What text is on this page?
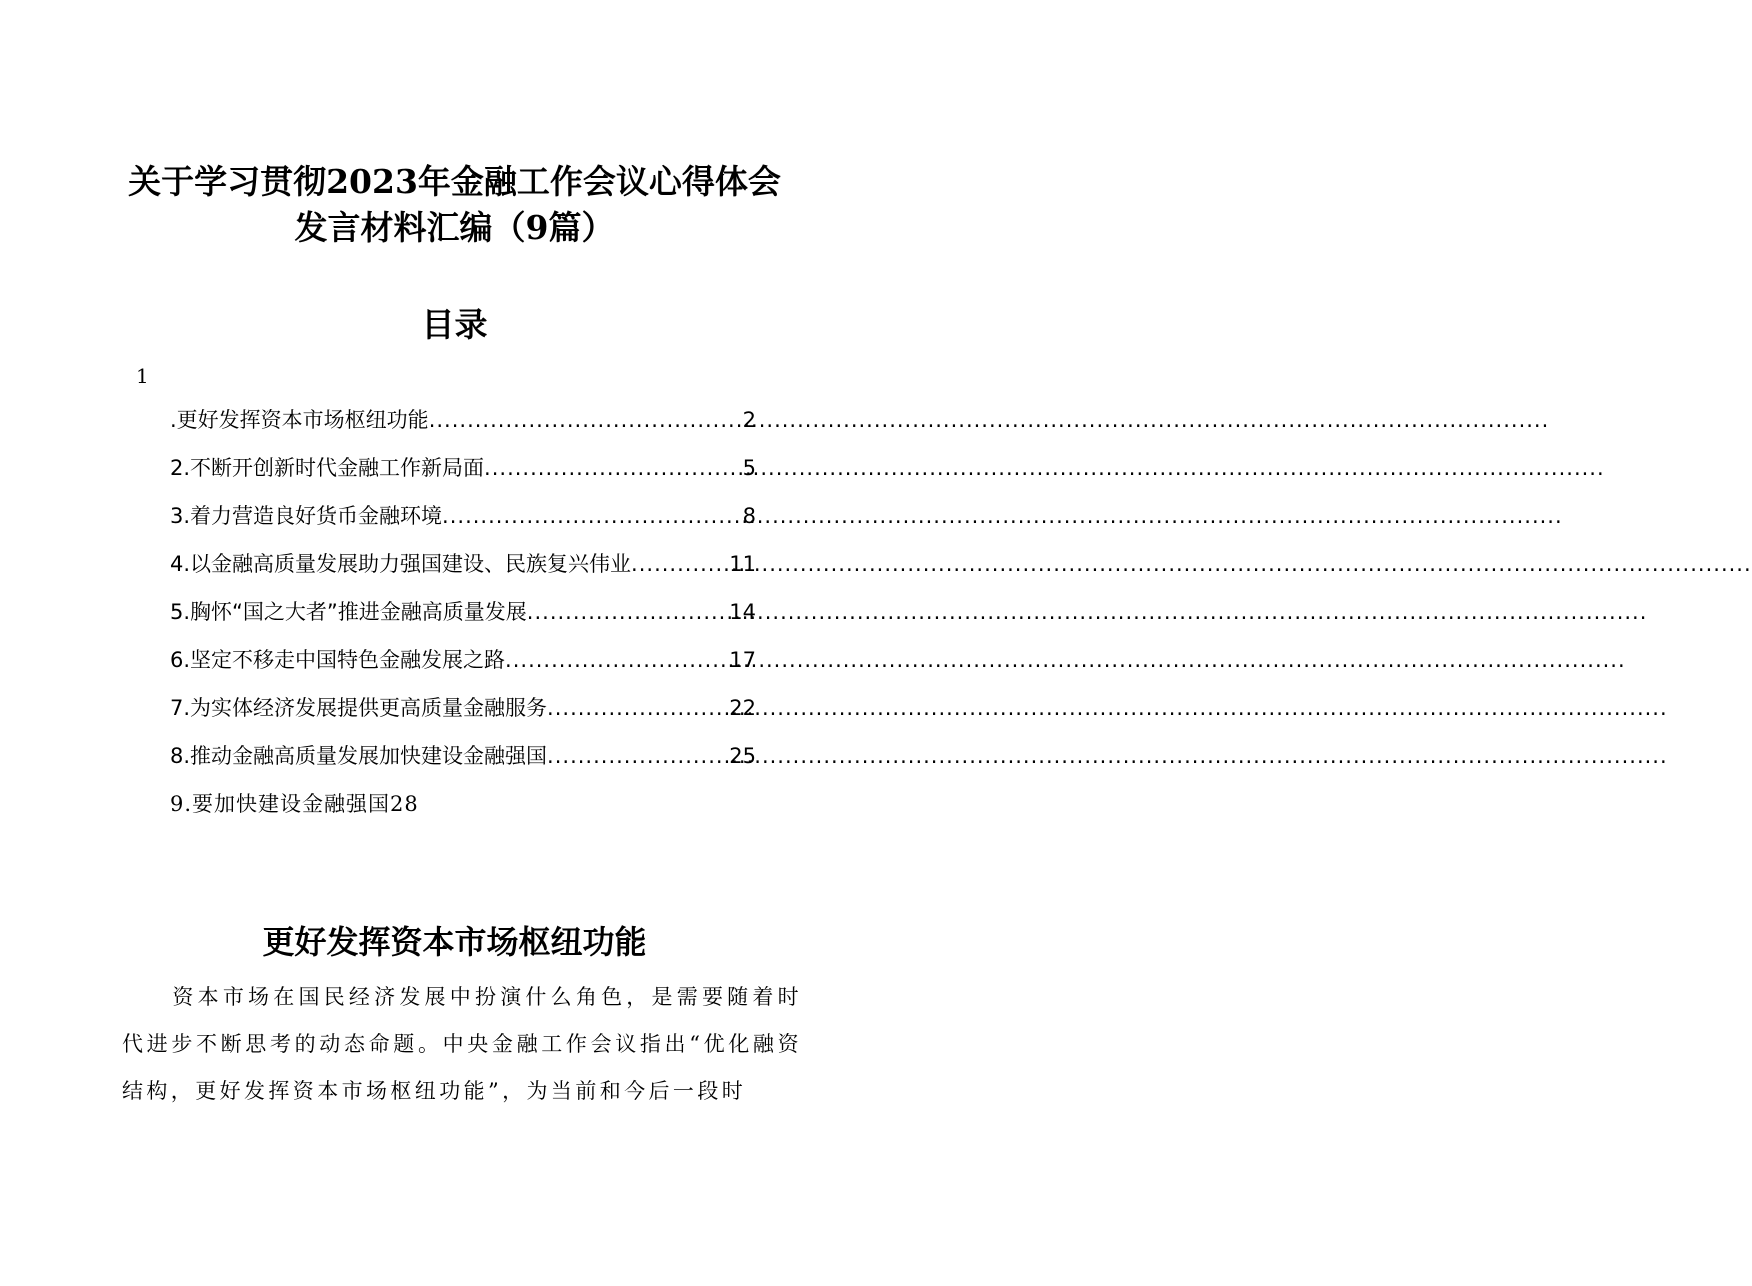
关于学习贯彻2023年金融工作会议心得体会
发言材料汇编（9篇）
目录
1
.更好发挥资本市场枢纽功能 .....	2
2.不断开创新时代金融工作新局面 .....	5
3.着力营造良好货币金融环境 .....	8
4.以金融高质量发展助力强国建设、民族复兴伟业 .....	11
5.胸怀“国之大者”推进金融高质量发展 .....	14
6.坚定不移走中国特色金融发展之路 .....	17
7.为实体经济发展提供更高质量金融服务 .....	22
8.推动金融高质量发展加快建设金融强国 .....	25
9.要加快建设金融强国28
更好发挥资本市场枢纽功能

资本市场在国民经济发展中扮演什么角色，是需要随着时代进步不断思考的动态命题。中央金融工作会议指出“优化融资结构，更好发挥资本市场枢纽功能”，为当前和今后一段时
